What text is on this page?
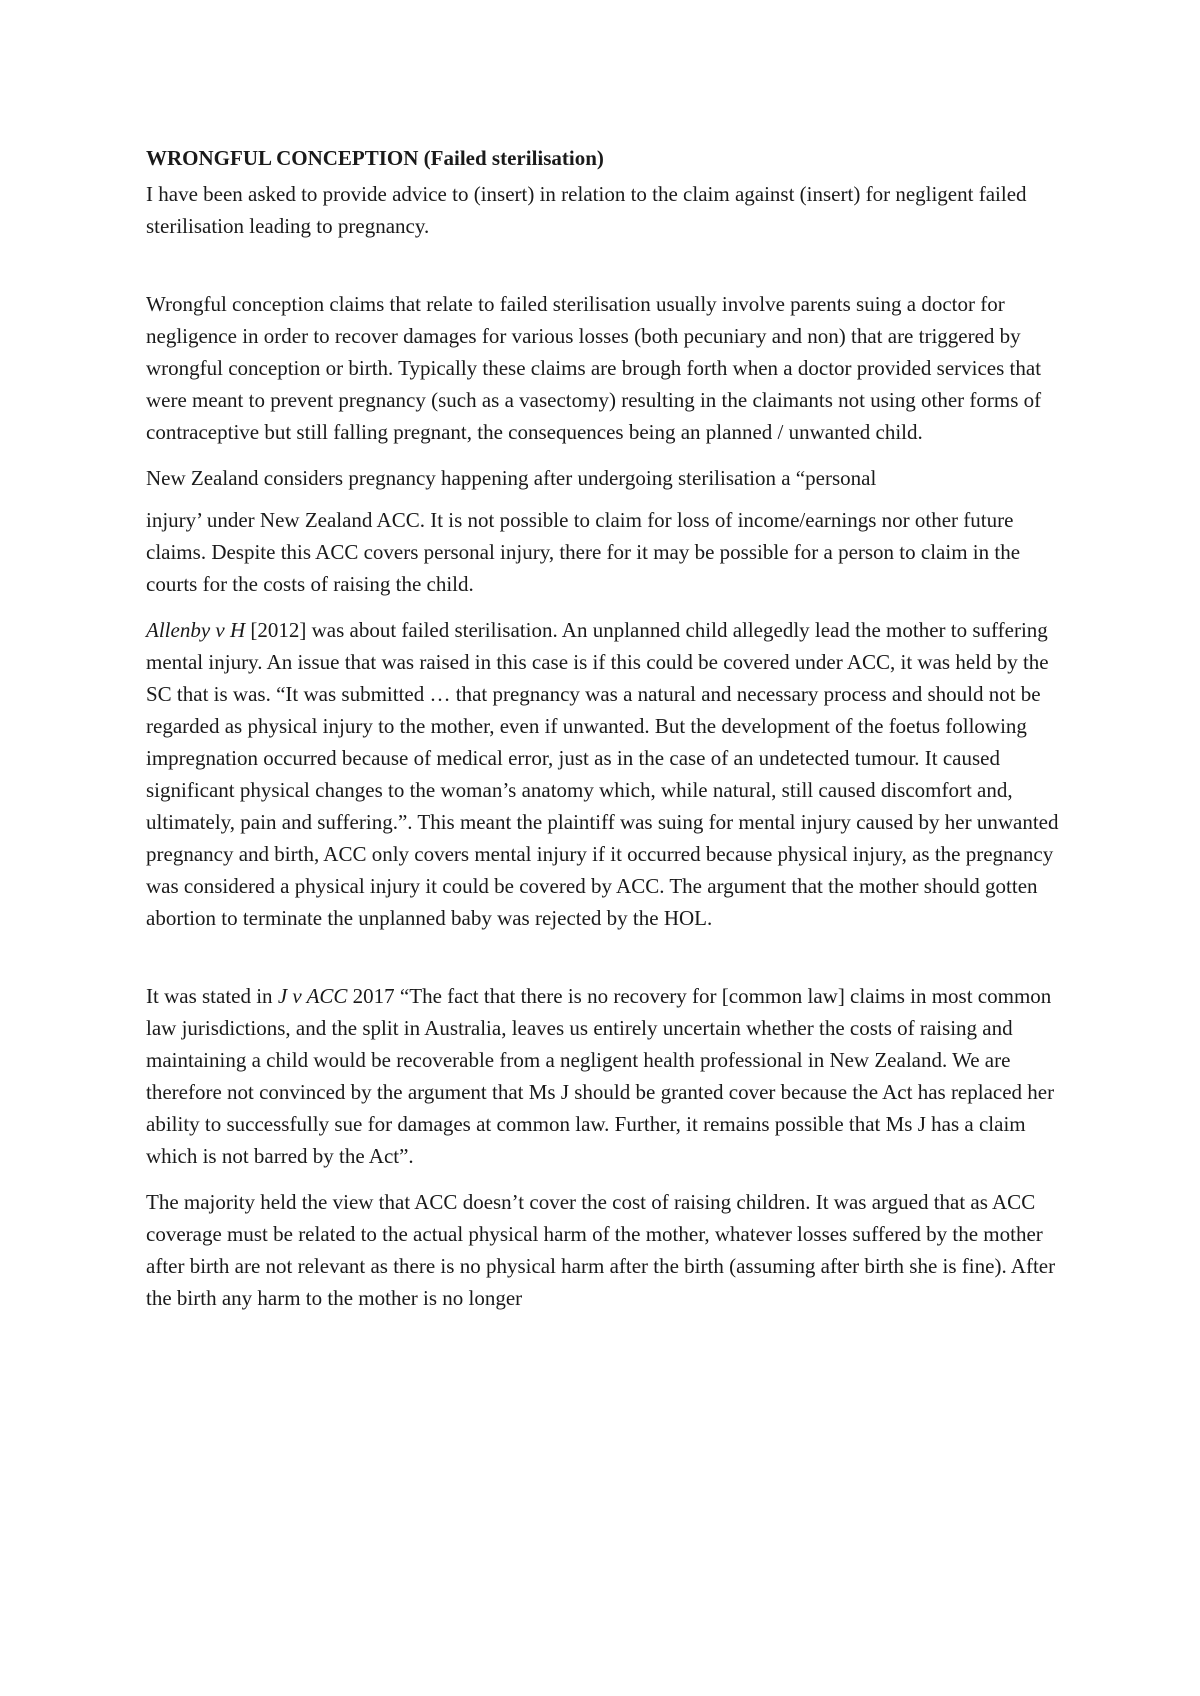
WRONGFUL CONCEPTION (Failed sterilisation)

I have been asked to provide advice to (insert) in relation to the claim against (insert) for negligent failed sterilisation leading to pregnancy.

Wrongful conception claims that relate to failed sterilisation usually involve parents suing a doctor for negligence in order to recover damages for various losses (both pecuniary and non) that are triggered by wrongful conception or birth. Typically these claims are brough forth when a doctor provided services that were meant to prevent pregnancy (such as a vasectomy) resulting in the claimants not using other forms of contraceptive but still falling pregnant, the consequences being an planned / unwanted child.

New Zealand considers pregnancy happening after undergoing sterilisation a “personal

injury’ under New Zealand ACC. It is not possible to claim for loss of income/earnings nor other future claims. Despite this ACC covers personal injury, there for it may be possible for a person to claim in the courts for the costs of raising the child.

Allenby v H [2012] was about failed sterilisation. An unplanned child allegedly lead the mother to suffering mental injury. An issue that was raised in this case is if this could be covered under ACC, it was held by the SC that is was. “It was submitted … that pregnancy was a natural and necessary process and should not be regarded as physical injury to the mother, even if unwanted. But the development of the foetus following impregnation occurred because of medical error, just as in the case of an undetected tumour. It caused significant physical changes to the woman’s anatomy which, while natural, still caused discomfort and, ultimately, pain and suffering.”. This meant the plaintiff was suing for mental injury caused by her unwanted pregnancy and birth, ACC only covers mental injury if it occurred because physical injury, as the pregnancy was considered a physical injury it could be covered by ACC. The argument that the mother should gotten abortion to terminate the unplanned baby was rejected by the HOL.

It was stated in J v ACC 2017 “The fact that there is no recovery for [common law] claims in most common law jurisdictions, and the split in Australia, leaves us entirely uncertain whether the costs of raising and maintaining a child would be recoverable from a negligent health professional in New Zealand. We are therefore not convinced by the argument that Ms J should be granted cover because the Act has replaced her ability to successfully sue for damages at common law. Further, it remains possible that Ms J has a claim which is not barred by the Act”.

The majority held the view that ACC doesn’t cover the cost of raising children. It was argued that as ACC coverage must be related to the actual physical harm of the mother, whatever losses suffered by the mother after birth are not relevant as there is no physical harm after the birth (assuming after birth she is fine). After the birth any harm to the mother is no longer
